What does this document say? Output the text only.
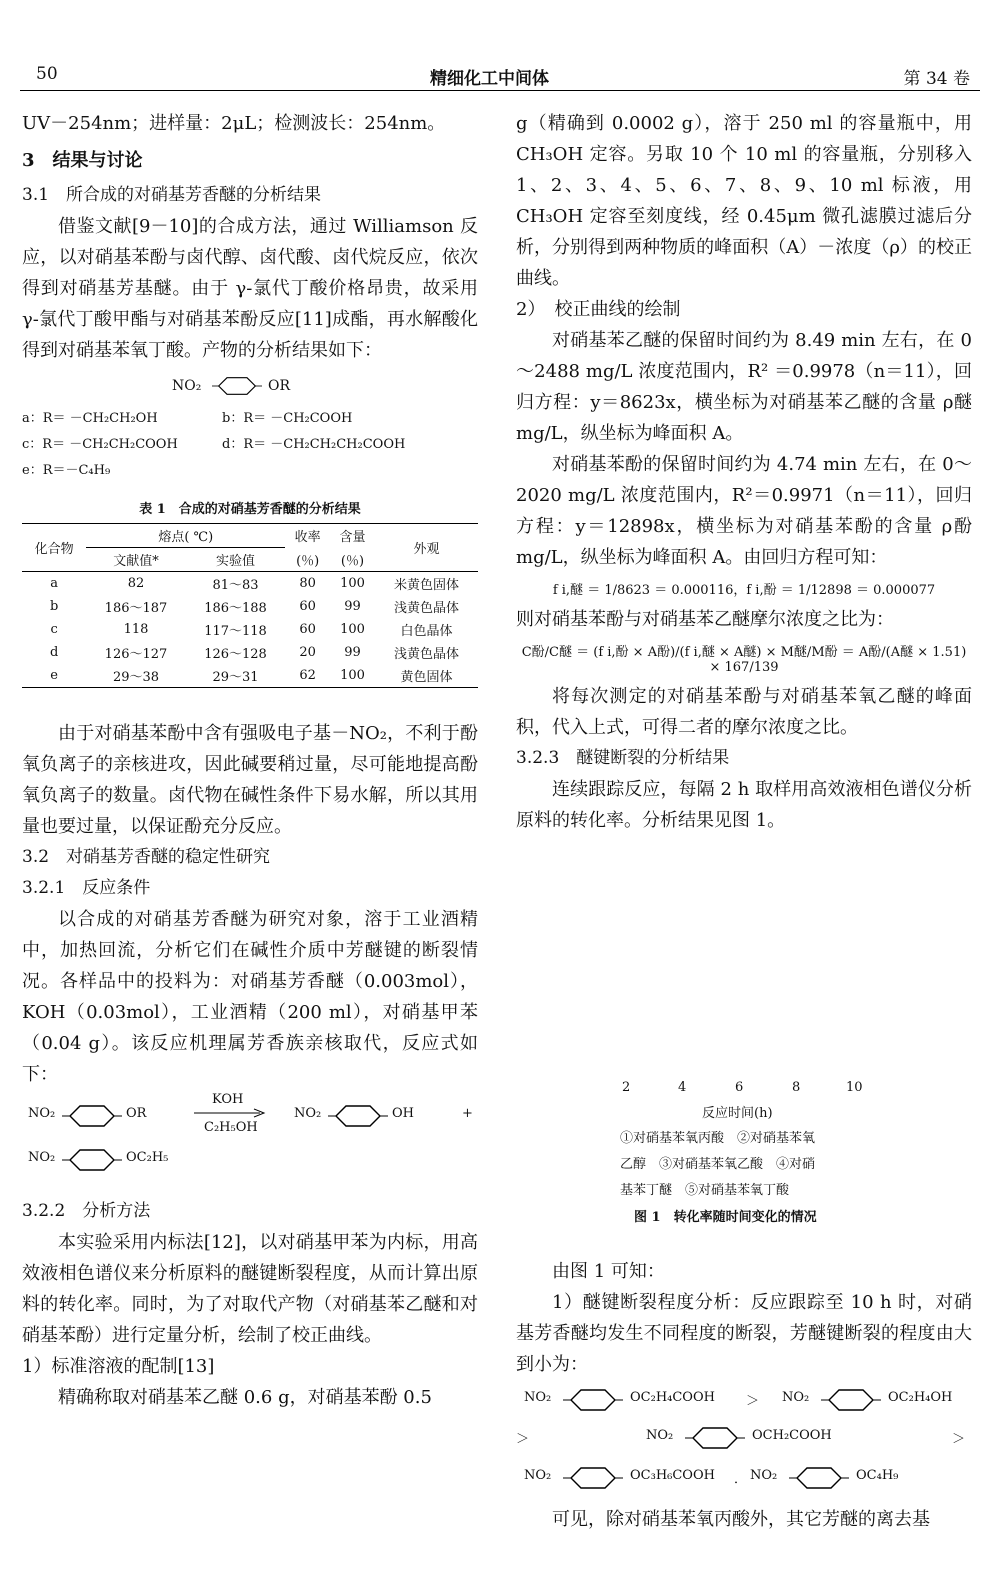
50	精细化工中间体	第 34 卷
UV－254nm；进样量：2μL；检测波长：254nm。
3　结果与讨论
3.1　所合成的对硝基芳香醚的分析结果
借鉴文献[9－10]的合成方法，通过 Williamson 反应，以对硝基苯酚与卤代醇、卤代酸、卤代烷反应，依次得到对硝基芳基醚。由于 γ-氯代丁酸价格昂贵，故采用 γ-氯代丁酸甲酯与对硝基苯酚反应[11]成酯，再水解酸化得到对硝基苯氧丁酸。产物的分析结果如下：
NO₂	OR
a：R＝ －CH₂CH₂OH	b：R＝ －CH₂COOH
c：R＝ －CH₂CH₂COOH	d：R＝ －CH₂CH₂CH₂COOH
e：R＝－C₄H₉
表 1　合成的对硝基芳香醚的分析结果
化合物	熔点( ℃)		收率	含量	外观
	文献值*	实验值	(％)	(％)	
a	82	81～83	80	100	米黄色固体
b	186～187	186～188	60	99	浅黄色晶体
c	118	117～118	60	100	白色晶体
d	126～127	126～128	20	99	浅黄色晶体
e	29～38	29～31	62	100	黄色固体
由于对硝基苯酚中含有强吸电子基－NO₂，不利于酚氧负离子的亲核进攻，因此碱要稍过量，尽可能地提高酚氧负离子的数量。卤代物在碱性条件下易水解，所以其用量也要过量，以保证酚充分反应。
3.2　对硝基芳香醚的稳定性研究
3.2.1　反应条件
以合成的对硝基芳香醚为研究对象，溶于工业酒精中，加热回流，分析它们在碱性介质中芳醚键的断裂情况。各样品中的投料为：对硝基芳香醚（0.003mol），KOH（0.03mol），工业酒精（200 ml），对硝基甲苯（0.04 g）。该反应机理属芳香族亲核取代，反应式如下：
NO₂	OR
KOH
C₂H₅OH
NO₂	OH	+
NO₂	OC₂H₅
3.2.2　分析方法
本实验采用内标法[12]，以对硝基甲苯为内标，用高效液相色谱仪来分析原料的醚键断裂程度，从而计算出原料的转化率。同时，为了对取代产物（对硝基苯乙醚和对硝基苯酚）进行定量分析，绘制了校正曲线。
1）标准溶液的配制[13]
精确称取对硝基苯乙醚 0.6 g，对硝基苯酚 0.5
g（精确到 0.0002 g），溶于 250 ml 的容量瓶中，用 CH₃OH 定容。另取 10 个 10 ml 的容量瓶，分别移入 1、2、3、4、5、6、7、8、9、10 ml 标液，用 CH₃OH 定容至刻度线，经 0.45μm 微孔滤膜过滤后分析，分别得到两种物质的峰面积（A）－浓度（ρ）的校正曲线。
2）　校正曲线的绘制
对硝基苯乙醚的保留时间约为 8.49 min 左右，在 0～2488 mg/L 浓度范围内，R² ＝0.9978（n＝11），回归方程：y＝8623x，横坐标为对硝基苯乙醚的含量 ρ醚 mg/L，纵坐标为峰面积 A。
对硝基苯酚的保留时间约为 4.74 min 左右，在 0～2020 mg/L 浓度范围内，R²＝0.9971（n＝11），回归方程：y＝12898x，横坐标为对硝基苯酚的含量 ρ酚 mg/L，纵坐标为峰面积 A。由回归方程可知：
f i,醚 ＝ 1/8623 ＝ 0.000116，f i,酚 ＝ 1/12898 ＝ 0.000077
则对硝基苯酚与对硝基苯乙醚摩尔浓度之比为：
C酚/C醚 ＝ (f i,酚 × A酚)/(f i,醚 × A醚) × M醚/M酚 ＝ A酚/(A醚 × 1.51) × 167/139
将每次测定的对硝基苯酚与对硝基苯氧乙醚的峰面积，代入上式，可得二者的摩尔浓度之比。
3.2.3　醚键断裂的分析结果
连续跟踪反应，每隔 2 h 取样用高效液相色谱仪分析原料的转化率。分析结果见图 1。
2	4	6	8	10
反应时间(h)
①对硝基苯氧丙酸　②对硝基苯氧
乙醇　③对硝基苯氧乙酸　④对硝
基苯丁醚　⑤对硝基苯氧丁酸
图 1　转化率随时间变化的情况
由图 1 可知：
1）醚键断裂程度分析：反应跟踪至 10 h 时，对硝基芳香醚均发生不同程度的断裂，芳醚键断裂的程度由大到小为：
NO₂	OC₂H₄COOH ＞ NO₂	OC₂H₄OH
＞	NO₂	OCH₂COOH	＞
NO₂	OC₃H₆COOH ． NO₂	OC₄H₉
可见，除对硝基苯氧丙酸外，其它芳醚的离去基
